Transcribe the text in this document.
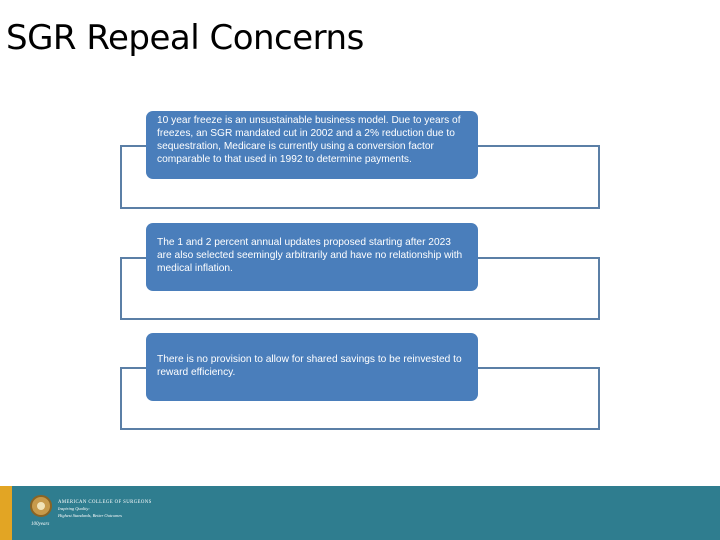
SGR Repeal Concerns
10 year freeze is an unsustainable business model. Due to years of freezes, an SGR mandated cut in 2002 and a 2% reduction due to sequestration, Medicare is currently using a conversion factor comparable to that used in 1992 to determine payments.
The 1 and 2 percent annual updates proposed starting after 2023 are also selected seemingly arbitrarily and have no relationship with medical inflation.
There is no provision to allow for shared savings to be reinvested to reward efficiency.
AMERICAN COLLEGE OF SURGEONS
Inspiring Quality:
Highest Standards, Better Outcomes
100years
